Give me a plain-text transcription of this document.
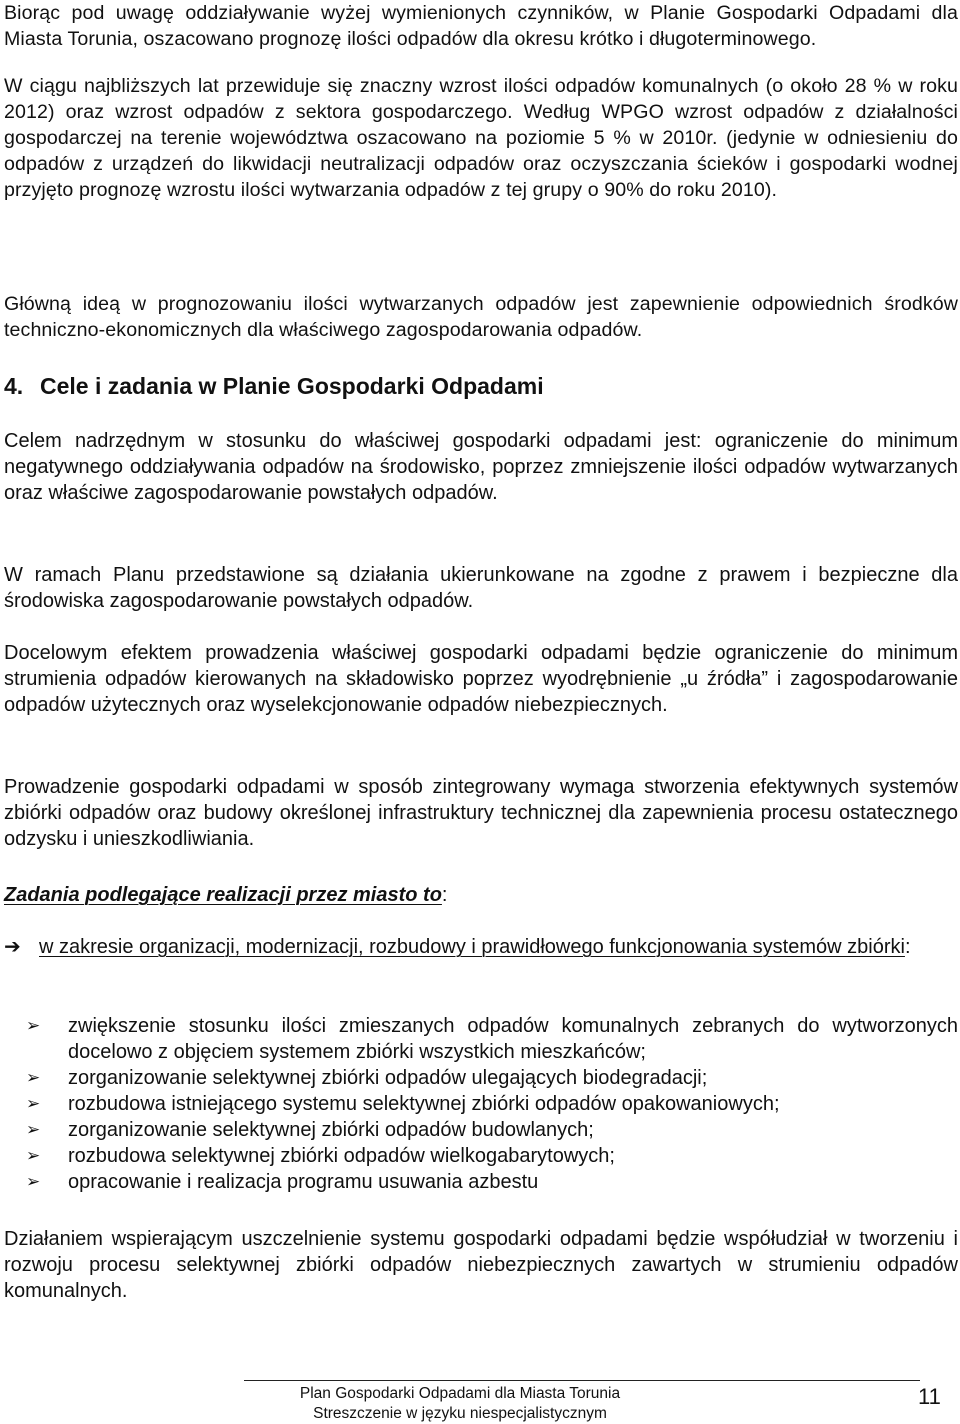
Biorąc pod uwagę oddziaływanie wyżej wymienionych czynników, w Planie Gospodarki Odpadami dla Miasta Torunia, oszacowano prognozę ilości odpadów dla okresu krótko i długoterminowego.

W ciągu najbliższych lat przewiduje się znaczny wzrost ilości odpadów komunalnych (o około 28 % w roku 2012) oraz wzrost odpadów z sektora gospodarczego. Według WPGO wzrost odpadów z działalności gospodarczej na terenie województwa oszacowano na poziomie 5 % w 2010r. (jedynie w odniesieniu do odpadów z urządzeń do likwidacji neutralizacji odpadów oraz oczyszczania ścieków i gospodarki wodnej przyjęto prognozę wzrostu ilości wytwarzania odpadów z tej grupy o 90% do roku 2010).

Główną ideą w prognozowaniu ilości wytwarzanych odpadów jest zapewnienie odpowiednich środków techniczno-ekonomicznych dla właściwego zagospodarowania odpadów.

4. Cele i zadania w Planie Gospodarki Odpadami

Celem nadrzędnym w stosunku do właściwej gospodarki odpadami jest: ograniczenie do minimum negatywnego oddziaływania odpadów na środowisko, poprzez zmniejszenie ilości odpadów wytwarzanych oraz właściwe zagospodarowanie powstałych odpadów.

W ramach Planu przedstawione są działania ukierunkowane na zgodne z prawem i bezpieczne dla środowiska zagospodarowanie powstałych odpadów.

Docelowym efektem prowadzenia właściwej gospodarki odpadami będzie ograniczenie do minimum strumienia odpadów kierowanych na składowisko poprzez wyodrębnienie „u źródła” i zagospodarowanie odpadów użytecznych oraz wyselekcjonowanie odpadów niebezpiecznych.

Prowadzenie gospodarki odpadami w sposób zintegrowany wymaga stworzenia efektywnych systemów zbiórki odpadów oraz budowy określonej infrastruktury technicznej dla zapewnienia procesu ostatecznego odzysku i unieszkodliwiania.

Zadania podlegające realizacji przez miasto to:
➔ w zakresie organizacji, modernizacji, rozbudowy i prawidłowego funkcjonowania systemów zbiórki:
➢ zwiększenie stosunku ilości zmieszanych odpadów komunalnych zebranych do wytworzonych docelowo z objęciem systemem zbiórki wszystkich mieszkańców;
➢ zorganizowanie selektywnej zbiórki odpadów ulegających biodegradacji;
➢ rozbudowa istniejącego systemu selektywnej zbiórki odpadów opakowaniowych;
➢ zorganizowanie selektywnej zbiórki odpadów budowlanych;
➢ rozbudowa selektywnej zbiórki odpadów wielkogabarytowych;
➢ opracowanie i realizacja programu usuwania azbestu

Działaniem wspierającym uszczelnienie systemu gospodarki odpadami będzie współudział w tworzeniu i rozwoju procesu selektywnej zbiórki odpadów niebezpiecznych zawartych w strumieniu odpadów komunalnych.

Plan Gospodarki Odpadami dla Miasta Torunia
Streszczenie w języku niespecjalistycznym
11
